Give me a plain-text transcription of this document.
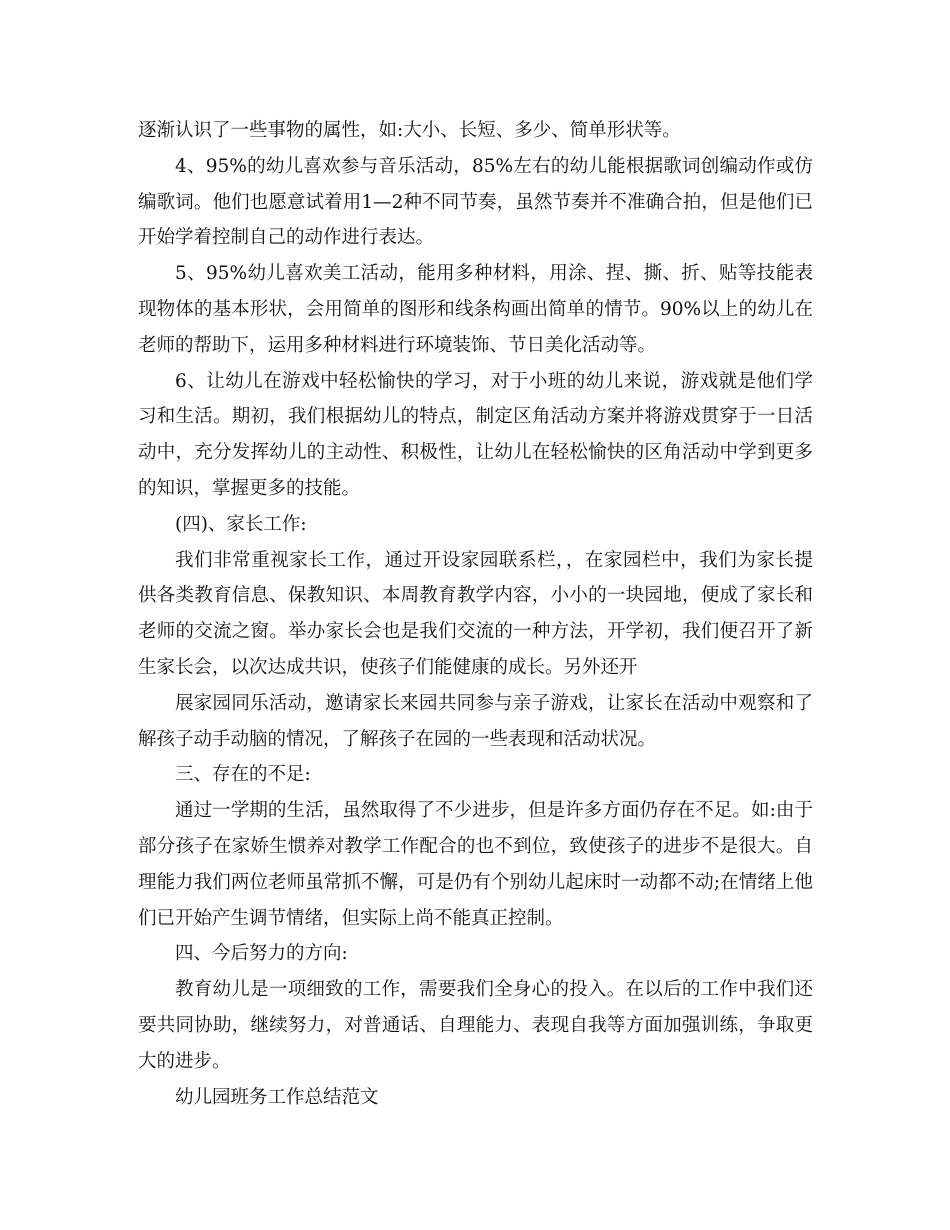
逐渐认识了一些事物的属性，如:大小、长短、多少、简单形状等。

4、95%的幼儿喜欢参与音乐活动，85%左右的幼儿能根据歌词创编动作或仿编歌词。他们也愿意试着用1—2种不同节奏，虽然节奏并不准确合拍，但是他们已开始学着控制自己的动作进行表达。

5、95%幼儿喜欢美工活动，能用多种材料，用涂、捏、撕、折、贴等技能表现物体的基本形状，会用简单的图形和线条构画出简单的情节。90%以上的幼儿在老师的帮助下，运用多种材料进行环境装饰、节日美化活动等。

6、让幼儿在游戏中轻松愉快的学习，对于小班的幼儿来说，游戏就是他们学习和生活。期初，我们根据幼儿的特点，制定区角活动方案并将游戏贯穿于一日活动中，充分发挥幼儿的主动性、积极性，让幼儿在轻松愉快的区角活动中学到更多的知识，掌握更多的技能。

(四)、家长工作:

我们非常重视家长工作，通过开设家园联系栏，，在家园栏中，我们为家长提供各类教育信息、保教知识、本周教育教学内容，小小的一块园地，便成了家长和老师的交流之窗。举办家长会也是我们交流的一种方法，开学初，我们便召开了新生家长会，以次达成共识，使孩子们能健康的成长。另外还开

展家园同乐活动，邀请家长来园共同参与亲子游戏，让家长在活动中观察和了解孩子动手动脑的情况，了解孩子在园的一些表现和活动状况。

三、存在的不足:

通过一学期的生活，虽然取得了不少进步，但是许多方面仍存在不足。如:由于部分孩子在家娇生惯养对教学工作配合的也不到位，致使孩子的进步不是很大。自理能力我们两位老师虽常抓不懈，可是仍有个别幼儿起床时一动都不动;在情绪上他们已开始产生调节情绪，但实际上尚不能真正控制。

四、今后努力的方向:

教育幼儿是一项细致的工作，需要我们全身心的投入。在以后的工作中我们还要共同协助，继续努力，对普通话、自理能力、表现自我等方面加强训练，争取更大的进步。

幼儿园班务工作总结范文
